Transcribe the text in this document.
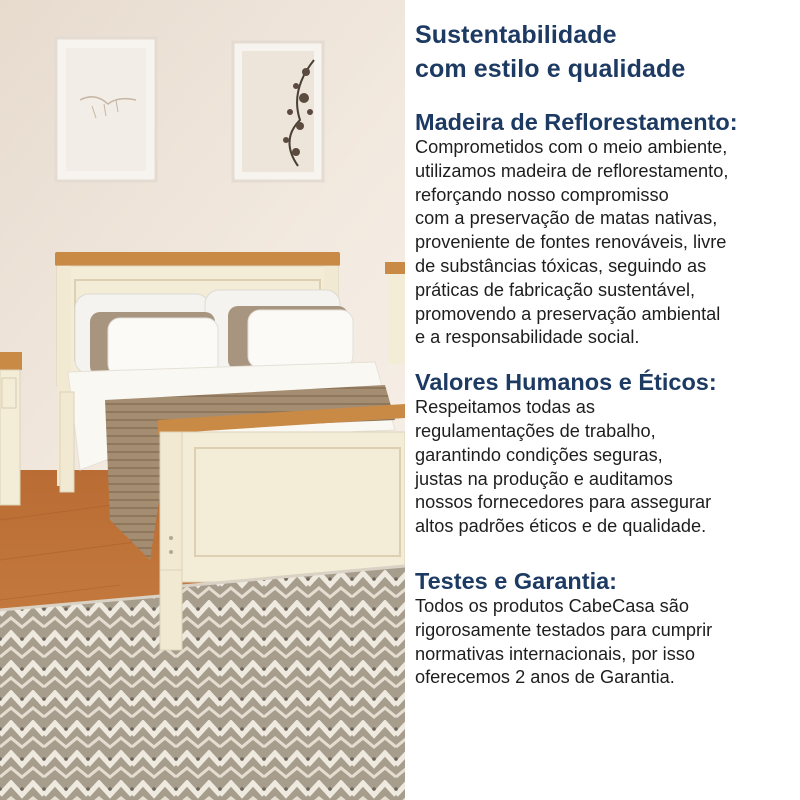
Sustentabilidade
com estilo e qualidade
Madeira de Reflorestamento:

Comprometidos com o meio ambiente,

utilizamos madeira de reflorestamento,

reforçando nosso compromisso

com a preservação de matas nativas,

proveniente de fontes renováveis, livre

de substâncias tóxicas, seguindo as

práticas de fabricação sustentável,

promovendo a preservação ambiental

e a responsabilidade social.

Valores Humanos e Éticos:

Respeitamos todas as

regulamentações de trabalho,

garantindo condições seguras,

justas na produção e auditamos

nossos fornecedores para assegurar

altos padrões éticos e de qualidade.

Testes e Garantia:

Todos os produtos CabeCasa são

rigorosamente testados para cumprir

normativas internacionais, por isso

oferecemos 2 anos de Garantia.
